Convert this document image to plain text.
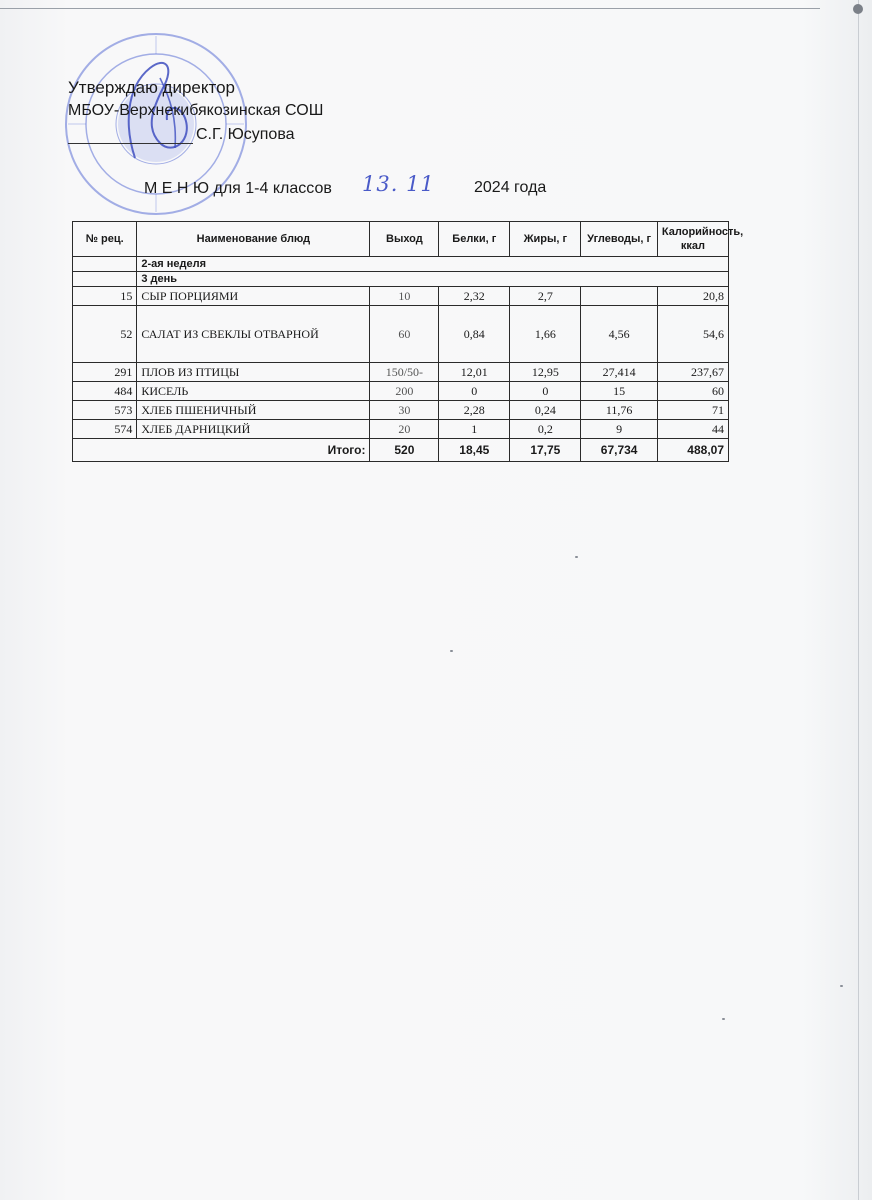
Утверждаю директор
МБОУ-Верхнекибякозинская СОШ
С.Г. Юсупова
М Е Н Ю для 1-4 классов 13. 11 2024 года
№ рец.	Наименование блюд	Выход	Белки, г	Жиры, г	Углеводы, г	Калорийность, ккал
	2-ая неделя					
	3 день					
15	СЫР ПОРЦИЯМИ	10	2,32	2,7		20,8
52	САЛАТ ИЗ СВЕКЛЫ ОТВАРНОЙ	60	0,84	1,66	4,56	54,6
291	ПЛОВ ИЗ ПТИЦЫ	150/50-	12,01	12,95	27,414	237,67
484	КИСЕЛЬ	200	0	0	15	60
573	ХЛЕБ ПШЕНИЧНЫЙ	30	2,28	0,24	11,76	71
574	ХЛЕБ ДАРНИЦКИЙ	20	1	0,2	9	44
Итого:		520	18,45	17,75	67,734	488,07
